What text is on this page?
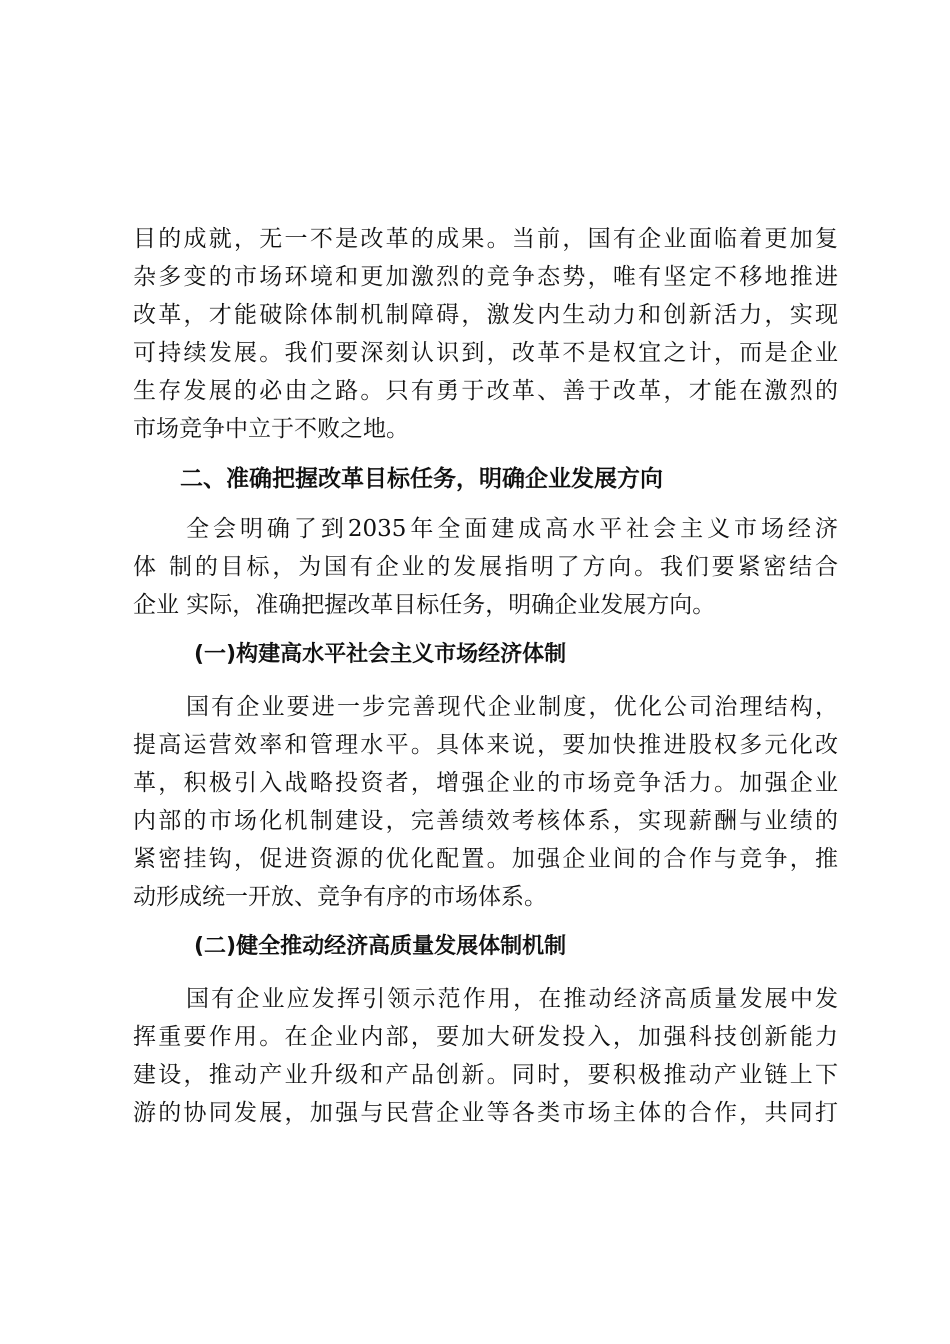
目的成就，无一不是改革的成果。当前，国有企业面临着更加复
杂多变的市场环境和更加激烈的竞争态势，唯有坚定不移地推进
改革，才能破除体制机制障碍，激发内生动力和创新活力，实现
可持续发展。我们要深刻认识到，改革不是权宜之计，而是企业
生存发展的必由之路。只有勇于改革、善于改革，才能在激烈的
市场竞争中立于不败之地。
二、准确把握改革目标任务，明确企业发展方向
全会明确了到2035年全面建成高水平社会主义市场经济
体 制的目标，为国有企业的发展指明了方向。我们要紧密结合
企业 实际，准确把握改革目标任务，明确企业发展方向。
(一)构建高水平社会主义市场经济体制
国有企业要进一步完善现代企业制度，优化公司治理结构，
提高运营效率和管理水平。具体来说，要加快推进股权多元化改
革，积极引入战略投资者，增强企业的市场竞争活力。加强企业
内部的市场化机制建设，完善绩效考核体系，实现薪酬与业绩的
紧密挂钩，促进资源的优化配置。加强企业间的合作与竞争，推
动形成统一开放、竞争有序的市场体系。
(二)健全推动经济高质量发展体制机制
国有企业应发挥引领示范作用，在推动经济高质量发展中发
挥重要作用。在企业内部，要加大研发投入，加强科技创新能力
建设，推动产业升级和产品创新。同时，要积极推动产业链上下
游的协同发展，加强与民营企业等各类市场主体的合作，共同打
